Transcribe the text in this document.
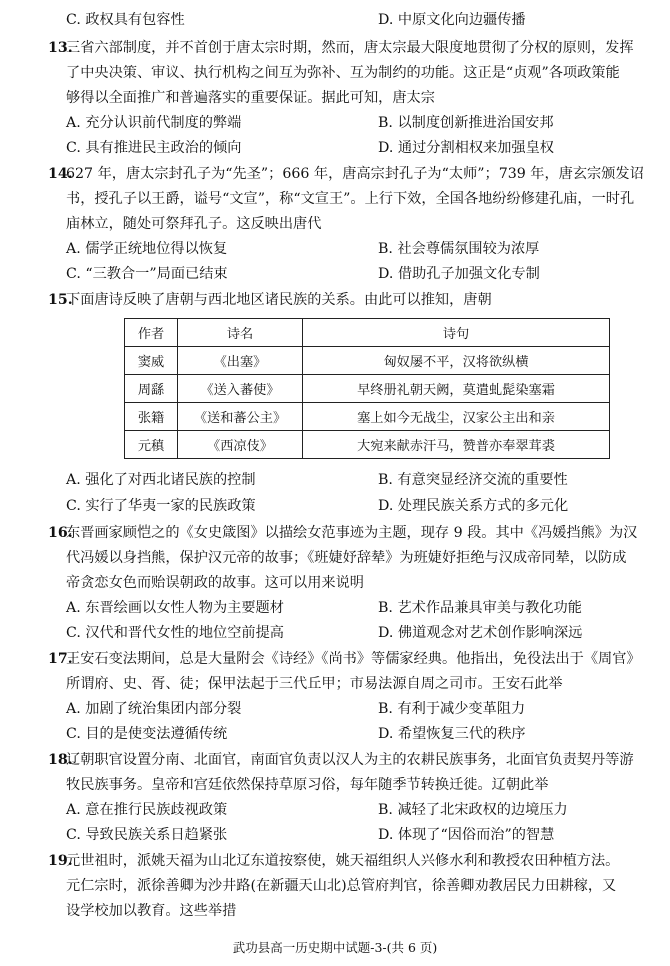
C. 政权具有包容性	D. 中原文化向边疆传播
13.
三省六部制度，并不首创于唐太宗时期，然而，唐太宗最大限度地贯彻了分权的原则，发挥
了中央决策、审议、执行机构之间互为弥补、互为制约的功能。这正是“贞观”各项政策能
够得以全面推广和普遍落实的重要保证。据此可知，唐太宗
A. 充分认识前代制度的弊端	B. 以制度创新推进治国安邦
C. 具有推进民主政治的倾向	D. 通过分割相权来加强皇权
14.
627 年，唐太宗封孔子为“先圣”；666 年，唐高宗封孔子为“太师”；739 年，唐玄宗颁发诏
书，授孔子以王爵，谥号“文宣”，称“文宣王”。上行下效，全国各地纷纷修建孔庙，一时孔
庙林立，随处可祭拜孔子。这反映出唐代
A. 儒学正统地位得以恢复	B. 社会尊儒氛围较为浓厚
C. “三教合一”局面已结束	D. 借助孔子加强文化专制
15.
下面唐诗反映了唐朝与西北地区诸民族的关系。由此可以推知，唐朝
作者	诗名	诗句
窦威	《出塞》	匈奴屡不平，汉将欲纵横
周繇	《送入蕃使》	早终册礼朝天阙，莫遣虬髭染塞霜
张籍	《送和蕃公主》	塞上如今无战尘，汉家公主出和亲
元稹	《西凉伎》	大宛来献赤汗马，赞普亦奉翠茸裘
A. 强化了对西北诸民族的控制	B. 有意突显经济交流的重要性
C. 实行了华夷一家的民族政策	D. 处理民族关系方式的多元化
16.
东晋画家顾恺之的《女史箴图》以描绘女范事迹为主题，现存 9 段。其中《冯媛挡熊》为汉
代冯媛以身挡熊，保护汉元帝的故事；《班婕妤辞辇》为班婕妤拒绝与汉成帝同辇，以防成
帝贪恋女色而贻误朝政的故事。这可以用来说明
A. 东晋绘画以女性人物为主要题材	B. 艺术作品兼具审美与教化功能
C. 汉代和晋代女性的地位空前提高	D. 佛道观念对艺术创作影响深远
17.
王安石变法期间，总是大量附会《诗经》《尚书》等儒家经典。他指出，免役法出于《周官》
所谓府、史、胥、徒；保甲法起于三代丘甲；市易法源自周之司市。王安石此举
A. 加剧了统治集团内部分裂	B. 有利于减少变革阻力
C. 目的是使变法遵循传统	D. 希望恢复三代的秩序
18.
辽朝职官设置分南、北面官，南面官负责以汉人为主的农耕民族事务，北面官负责契丹等游
牧民族事务。皇帝和宫廷依然保持草原习俗，每年随季节转换迁徙。辽朝此举
A. 意在推行民族歧视政策	B. 减轻了北宋政权的边境压力
C. 导致民族关系日趋紧张	D. 体现了“因俗而治”的智慧
19.
元世祖时，派姚天福为山北辽东道按察使，姚天福组织人兴修水利和教授农田种植方法。
元仁宗时，派徐善卿为沙井路(在新疆天山北)总管府判官，徐善卿劝教居民力田耕稼，又
设学校加以教育。这些举措
武功县高一历史期中试题-3-(共 6 页)
